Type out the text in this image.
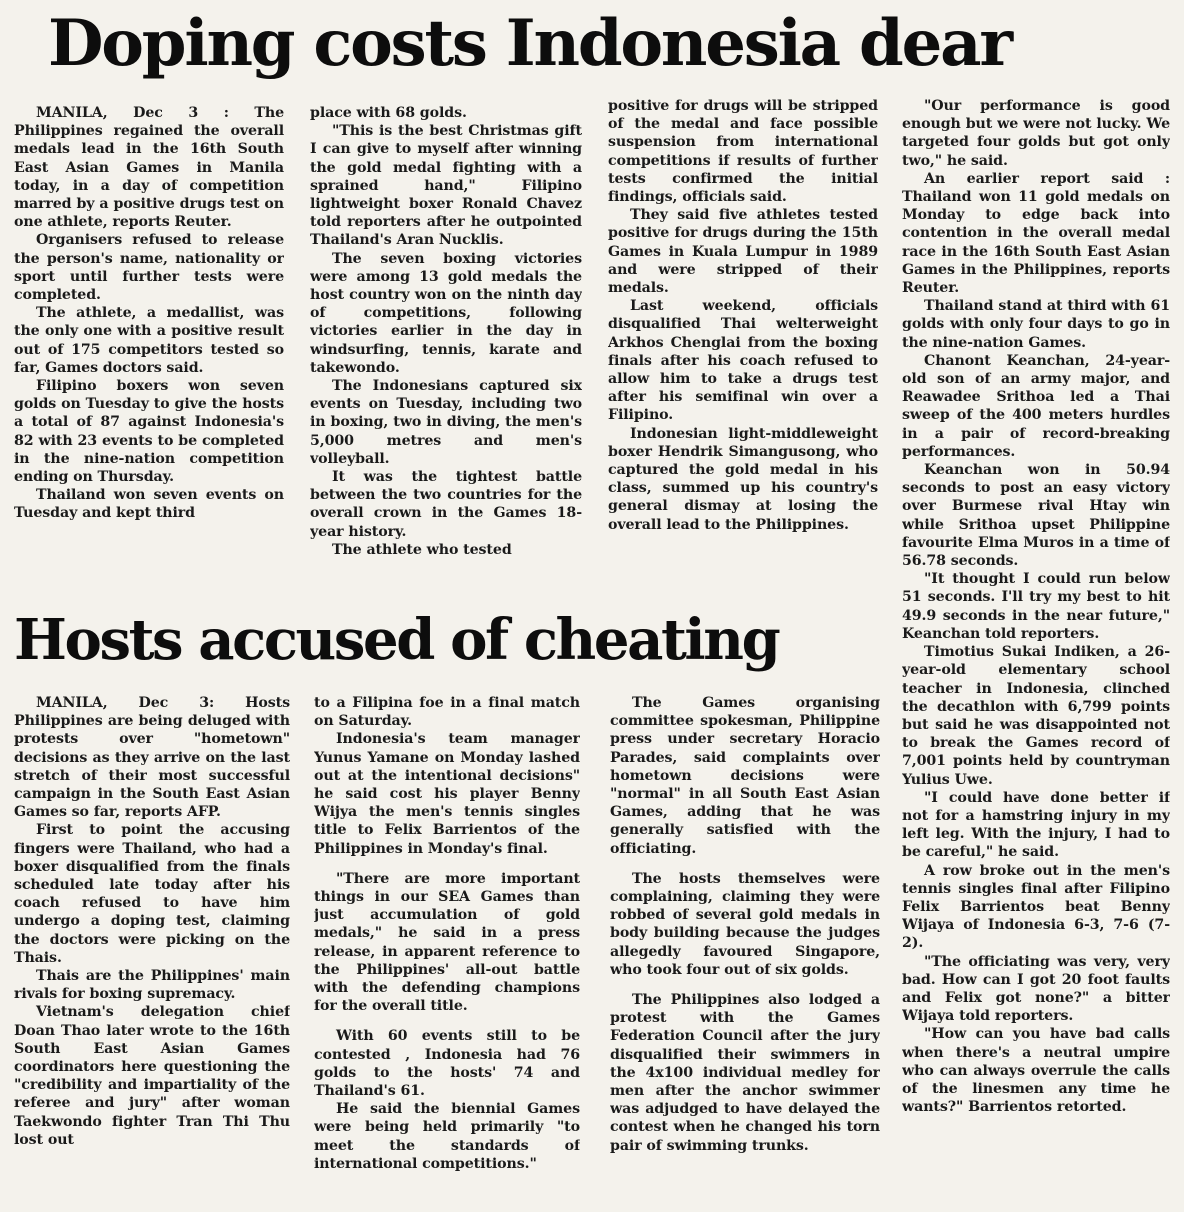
Doping costs Indonesia dear

MANILA, Dec 3 : The Philippines regained the overall medals lead in the 16th South East Asian Games in Manila today, in a day of competition marred by a positive drugs test on one athlete, reports Reuter.

Organisers refused to release the person's name, nationality or sport until further tests were completed.

The athlete, a medallist, was the only one with a positive result out of 175 competitors tested so far, Games doctors said.

Filipino boxers won seven golds on Tuesday to give the hosts a total of 87 against Indonesia's 82 with 23 events to be completed in the nine-nation competition ending on Thursday.

Thailand won seven events on Tuesday and kept third

place with 68 golds.

"This is the best Christmas gift I can give to myself after winning the gold medal fighting with a sprained hand," Filipino lightweight boxer Ronald Chavez told reporters after he outpointed Thailand's Aran Nucklis.

The seven boxing victories were among 13 gold medals the host country won on the ninth day of competitions, following victories earlier in the day in windsurfing, tennis, karate and takewondo.

The Indonesians captured six events on Tuesday, including two in boxing, two in diving, the men's 5,000 metres and men's volleyball.

It was the tightest battle between the two countries for the overall crown in the Games 18-year history.

The athlete who tested

positive for drugs will be stripped of the medal and face possible suspension from international competitions if results of further tests confirmed the initial findings, officials said.

They said five athletes tested positive for drugs during the 15th Games in Kuala Lumpur in 1989 and were stripped of their medals.

Last weekend, officials disqualified Thai welterweight Arkhos Chenglai from the boxing finals after his coach refused to allow him to take a drugs test after his semifinal win over a Filipino.

Indonesian light-middleweight boxer Hendrik Simangusong, who captured the gold medal in his class, summed up his country's general dismay at losing the overall lead to the Philippines.

"Our performance is good enough but we were not lucky. We targeted four golds but got only two," he said.

An earlier report said : Thailand won 11 gold medals on Monday to edge back into contention in the overall medal race in the 16th South East Asian Games in the Philippines, reports Reuter.

Thailand stand at third with 61 golds with only four days to go in the nine-nation Games.

Chanont Keanchan, 24-year-old son of an army major, and Reawadee Srithoa led a Thai sweep of the 400 meters hurdles in a pair of record-breaking performances.

Keanchan won in 50.94 seconds to post an easy victory over Burmese rival Htay win while Srithoa upset Philippine favourite Elma Muros in a time of 56.78 seconds.

"It thought I could run below 51 seconds. I'll try my best to hit 49.9 seconds in the near future," Keanchan told reporters.

Timotius Sukai Indiken, a 26-year-old elementary school teacher in Indonesia, clinched the decathlon with 6,799 points but said he was disappointed not to break the Games record of 7,001 points held by countryman Yulius Uwe.

"I could have done better if not for a hamstring injury in my left leg. With the injury, I had to be careful," he said.

A row broke out in the men's tennis singles final after Filipino Felix Barrientos beat Benny Wijaya of Indonesia 6-3, 7-6 (7-2).

"The officiating was very, very bad. How can I got 20 foot faults and Felix got none?" a bitter Wijaya told reporters.

"How can you have bad calls when there's a neutral umpire who can always overrule the calls of the linesmen any time he wants?" Barrientos retorted.

Hosts accused of cheating

MANILA, Dec 3: Hosts Philippines are being deluged with protests over "hometown" decisions as they arrive on the last stretch of their most successful campaign in the South East Asian Games so far, reports AFP.

First to point the accusing fingers were Thailand, who had a boxer disqualified from the finals scheduled late today after his coach refused to have him undergo a doping test, claiming the doctors were picking on the Thais.

Thais are the Philippines' main rivals for boxing supremacy.

Vietnam's delegation chief Doan Thao later wrote to the 16th South East Asian Games coordinators here questioning the "credibility and impartiality of the referee and jury" after woman Taekwondo fighter Tran Thi Thu lost out

to a Filipina foe in a final match on Saturday.

Indonesia's team manager Yunus Yamane on Monday lashed out at the intentional decisions" he said cost his player Benny Wijya the men's tennis singles title to Felix Barrientos of the Philippines in Monday's final.

"There are more important things in our SEA Games than just accumulation of gold medals," he said in a press release, in apparent reference to the Philippines' all-out battle with the defending champions for the overall title.

With 60 events still to be contested , Indonesia had 76 golds to the hosts' 74 and Thailand's 61.

He said the biennial Games were being held primarily "to meet the standards of international competitions."

The Games organising committee spokesman, Philippine press under secretary Horacio Parades, said complaints over hometown decisions were "normal" in all South East Asian Games, adding that he was generally satisfied with the officiating.

The hosts themselves were complaining, claiming they were robbed of several gold medals in body building because the judges allegedly favoured Singapore, who took four out of six golds.

The Philippines also lodged a protest with the Games Federation Council after the jury disqualified their swimmers in the 4x100 individual medley for men after the anchor swimmer was adjudged to have delayed the contest when he changed his torn pair of swimming trunks.
